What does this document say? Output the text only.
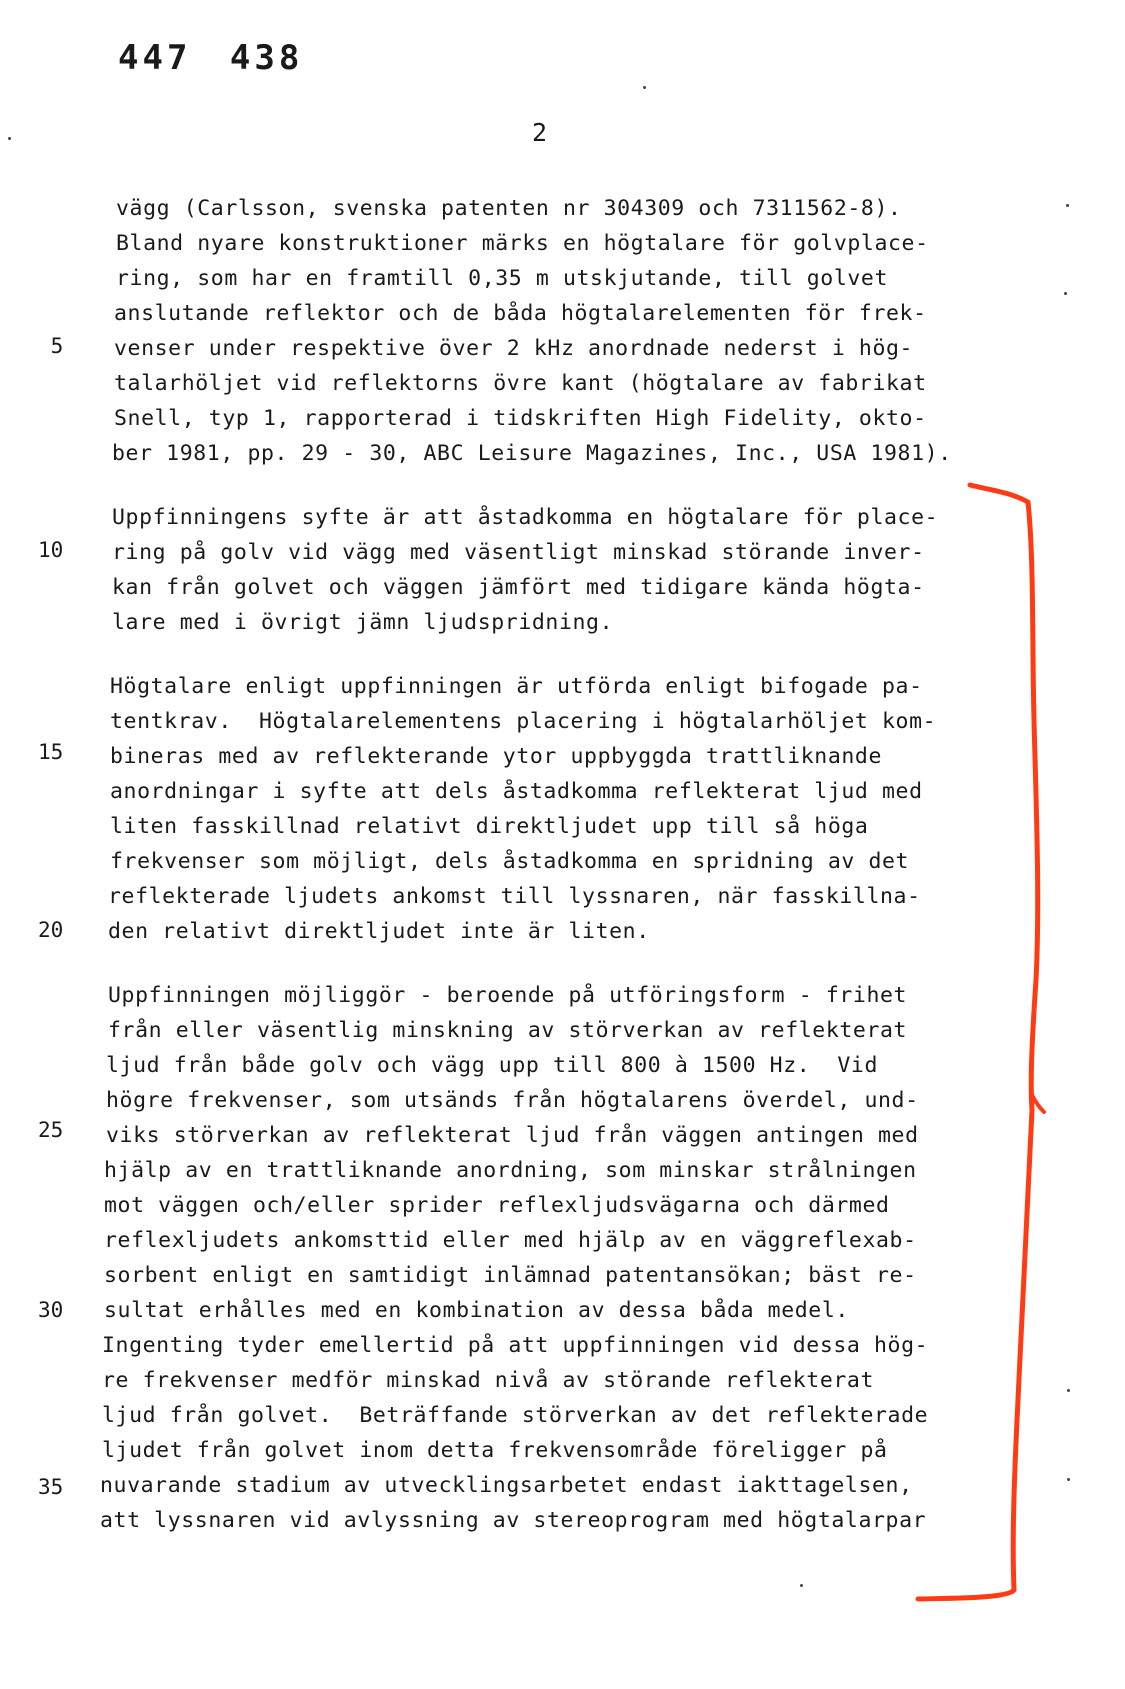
447 438
2
 5
10
15
20
25
30
35
vägg (Carlsson, svenska patenten nr 304309 och 7311562-8).
Bland nyare konstruktioner märks en högtalare för golvplace-
ring, som har en framtill 0,35 m utskjutande, till golvet
anslutande reflektor och de båda högtalarelementen för frek-
venser under respektive över 2 kHz anordnade nederst i hög-
talarhöljet vid reflektorns övre kant (högtalare av fabrikat
Snell, typ 1, rapporterad i tidskriften High Fidelity, okto-
ber 1981, pp. 29 - 30, ABC Leisure Magazines, Inc., USA 1981).
Uppfinningens syfte är att åstadkomma en högtalare för place-
ring på golv vid vägg med väsentligt minskad störande inver-
kan från golvet och väggen jämfört med tidigare kända högta-
lare med i övrigt jämn ljudspridning.
Högtalare enligt uppfinningen är utförda enligt bifogade pa-
tentkrav.  Högtalarelementens placering i högtalarhöljet kom-
bineras med av reflekterande ytor uppbyggda trattliknande
anordningar i syfte att dels åstadkomma reflekterat ljud med
liten fasskillnad relativt direktljudet upp till så höga
frekvenser som möjligt, dels åstadkomma en spridning av det
reflekterade ljudets ankomst till lyssnaren, när fasskillna-
den relativt direktljudet inte är liten.
Uppfinningen möjliggör - beroende på utföringsform - frihet
från eller väsentlig minskning av störverkan av reflekterat
ljud från både golv och vägg upp till 800 à 1500 Hz.  Vid
högre frekvenser, som utsänds från högtalarens överdel, und-
viks störverkan av reflekterat ljud från väggen antingen med
hjälp av en trattliknande anordning, som minskar strålningen
mot väggen och/eller sprider reflexljudsvägarna och därmed
reflexljudets ankomsttid eller med hjälp av en väggreflexab-
sorbent enligt en samtidigt inlämnad patentansökan; bäst re-
sultat erhålles med en kombination av dessa båda medel.
Ingenting tyder emellertid på att uppfinningen vid dessa hög-
re frekvenser medför minskad nivå av störande reflekterat
ljud från golvet.  Beträffande störverkan av det reflekterade
ljudet från golvet inom detta frekvensområde föreligger på
nuvarande stadium av utvecklingsarbetet endast iakttagelsen,
att lyssnaren vid avlyssning av stereoprogram med högtalarpar
